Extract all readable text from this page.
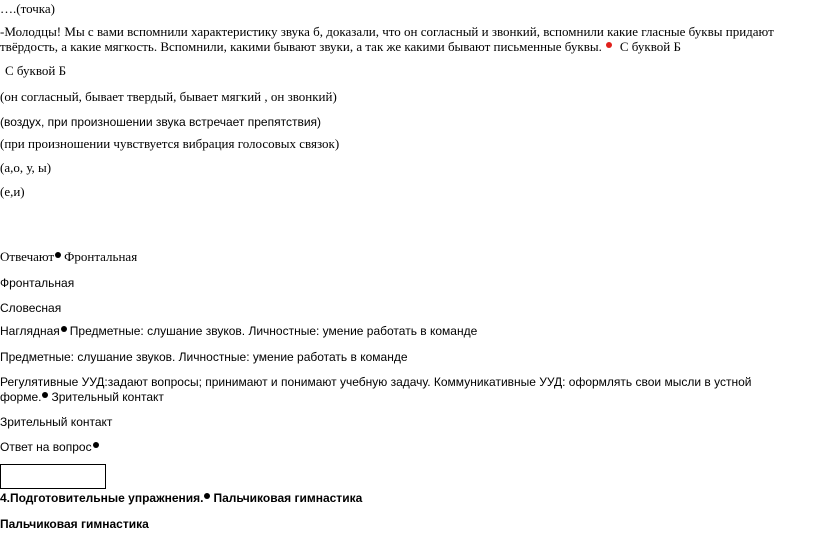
….(точка)
-Молодцы! Мы с вами вспомнили характеристику звука б, доказали, что он согласный и звонкий, вспомнили какие гласные буквы придают
твёрдость, а какие мягкость. Вспомнили, какими бывают звуки, а так же какими бывают письменные буквы. С буквой Б
С буквой Б
(он согласный, бывает твердый, бывает мягкий , он звонкий)
(воздух, при произношении звука встречает препятствия)
(при произношении чувствуется вибрация голосовых связок)
(а,о, у, ы)
(е,и)
Отвечают Фронтальная
Фронтальная
Словесная
Наглядная Предметные: слушание звуков. Личностные: умение работать в команде
Предметные: слушание звуков. Личностные: умение работать в команде
Регулятивные УУД:задают вопросы; принимают и понимают учебную задачу. Коммуникативные УУД: оформлять свои мысли в устной
форме. Зрительный контакт
Зрительный контакт
Ответ на вопрос
4.Подготовительные упражнения. Пальчиковая гимнастика
Пальчиковая гимнастика
